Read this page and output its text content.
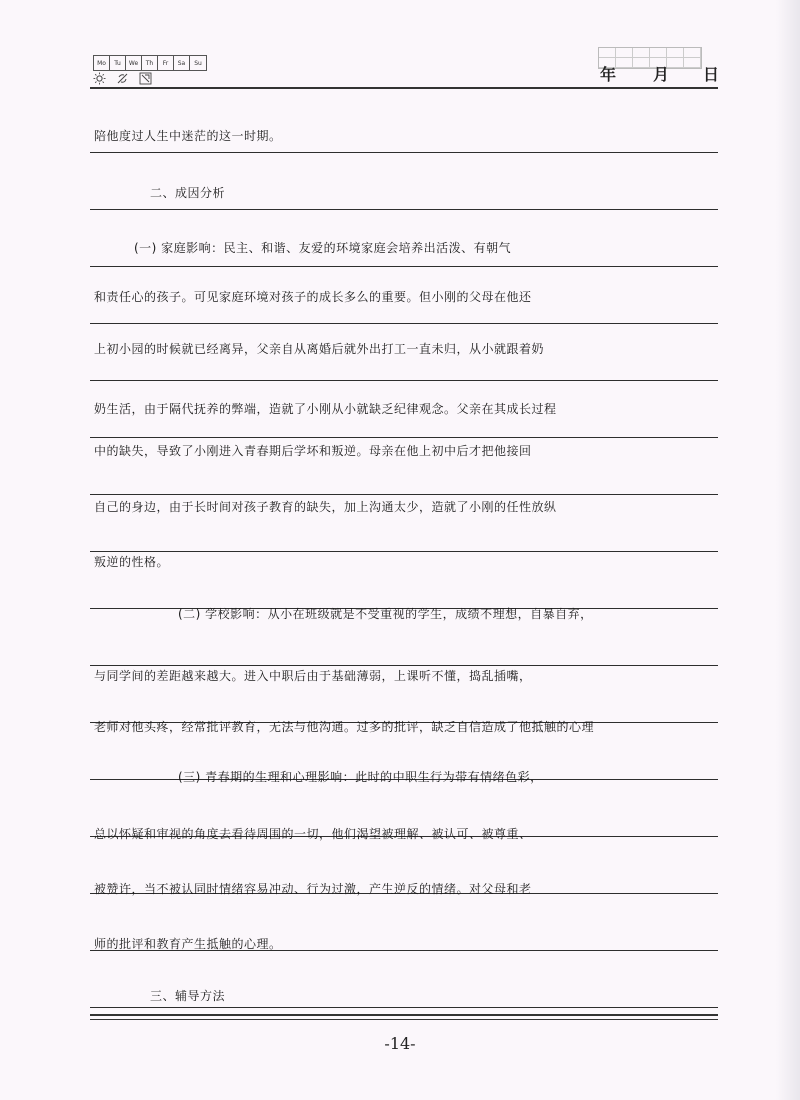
Mo	Tu	We	Th	Fr	Sa	Su
年 月 日
陪他度过人生中迷茫的这一时期。
二、成因分析
(一) 家庭影响：民主、和谐、友爱的环境家庭会培养出活泼、有朝气
和责任心的孩子。可见家庭环境对孩子的成长多么的重要。但小刚的父母在他还
上初小园的时候就已经离异，父亲自从离婚后就外出打工一直未归，从小就跟着奶
奶生活，由于隔代抚养的弊端，造就了小刚从小就缺乏纪律观念。父亲在其成长过程
中的缺失，导致了小刚进入青春期后学坏和叛逆。母亲在他上初中后才把他接回
自己的身边，由于长时间对孩子教育的缺失，加上沟通太少，造就了小刚的任性放纵
叛逆的性格。
(二) 学校影响：从小在班级就是不受重视的学生，成绩不理想，自暴自弃，
与同学间的差距越来越大。进入中职后由于基础薄弱，上课听不懂，捣乱插嘴，
老师对他头疼，经常批评教育，无法与他沟通。过多的批评，缺乏自信造成了他抵触的心理
(三) 青春期的生理和心理影响：此时的中职生行为带有情绪色彩，
总以怀疑和审视的角度去看待周围的一切，他们渴望被理解、被认可、被尊重、
被赞许，当不被认同时情绪容易冲动、行为过激，产生逆反的情绪。对父母和老
师的批评和教育产生抵触的心理。
三、辅导方法
-14-
